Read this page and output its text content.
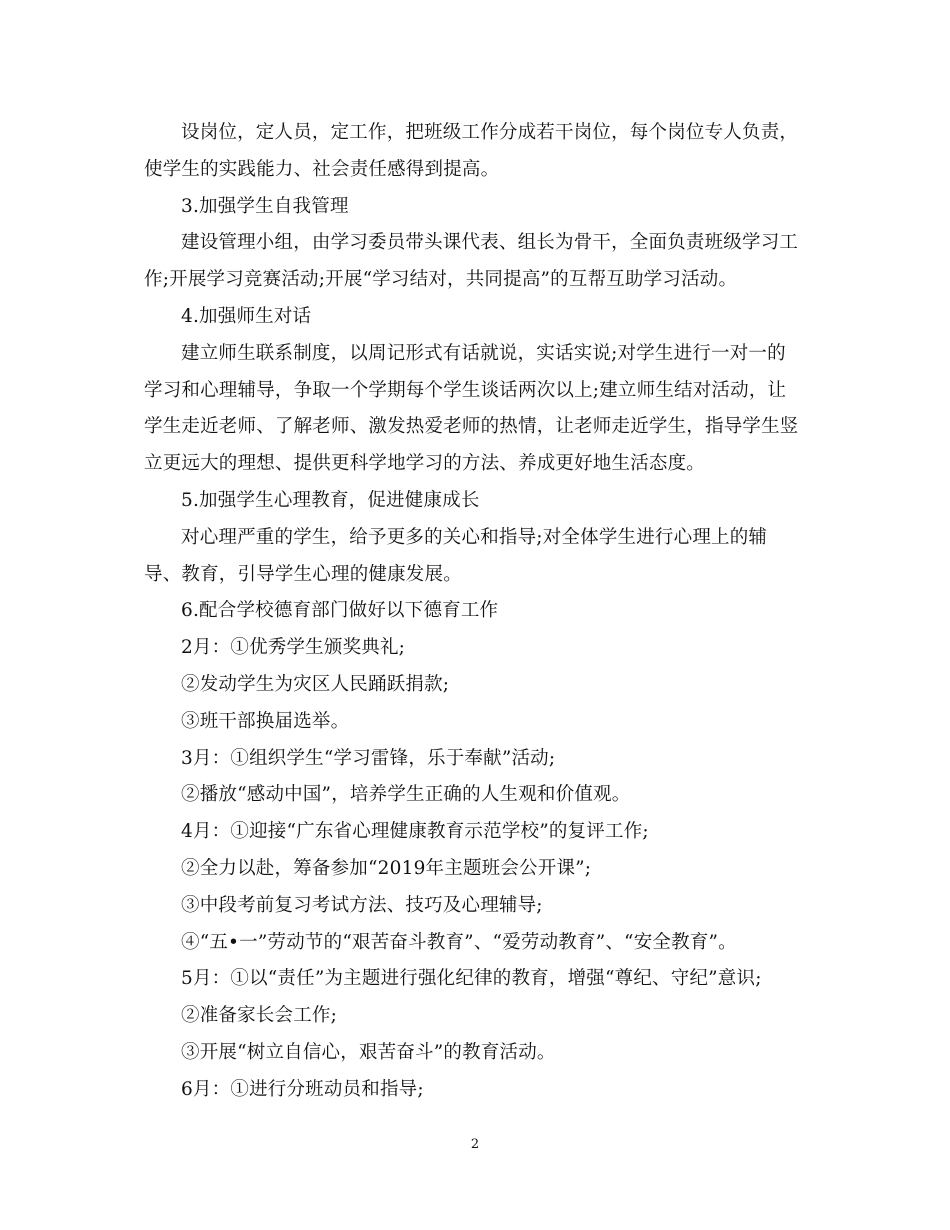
设岗位，定人员，定工作，把班级工作分成若干岗位，每个岗位专人负责，
使学生的实践能力、社会责任感得到提高。
3.加强学生自我管理
建设管理小组，由学习委员带头课代表、组长为骨干，全面负责班级学习工
作;开展学习竞赛活动;开展“学习结对，共同提高”的互帮互助学习活动。
4.加强师生对话
建立师生联系制度，以周记形式有话就说，实话实说;对学生进行一对一的
学习和心理辅导，争取一个学期每个学生谈话两次以上;建立师生结对活动，让
学生走近老师、了解老师、激发热爱老师的热情，让老师走近学生，指导学生竖
立更远大的理想、提供更科学地学习的方法、养成更好地生活态度。
5.加强学生心理教育，促进健康成长
对心理严重的学生，给予更多的关心和指导;对全体学生进行心理上的辅
导、教育，引导学生心理的健康发展。
6.配合学校德育部门做好以下德育工作
2月：①优秀学生颁奖典礼;
②发动学生为灾区人民踊跃捐款;
③班干部换届选举。
3月：①组织学生“学习雷锋，乐于奉献”活动;
②播放“感动中国”，培养学生正确的人生观和价值观。
4月：①迎接“广东省心理健康教育示范学校”的复评工作;
②全力以赴，筹备参加“2019年主题班会公开课”;
③中段考前复习考试方法、技巧及心理辅导;
④“五•一”劳动节的“艰苦奋斗教育”、“爱劳动教育”、“安全教育”。
5月：①以“责任”为主题进行强化纪律的教育，增强“尊纪、守纪”意识;
②准备家长会工作;
③开展“树立自信心，艰苦奋斗”的教育活动。
6月：①进行分班动员和指导;
2
